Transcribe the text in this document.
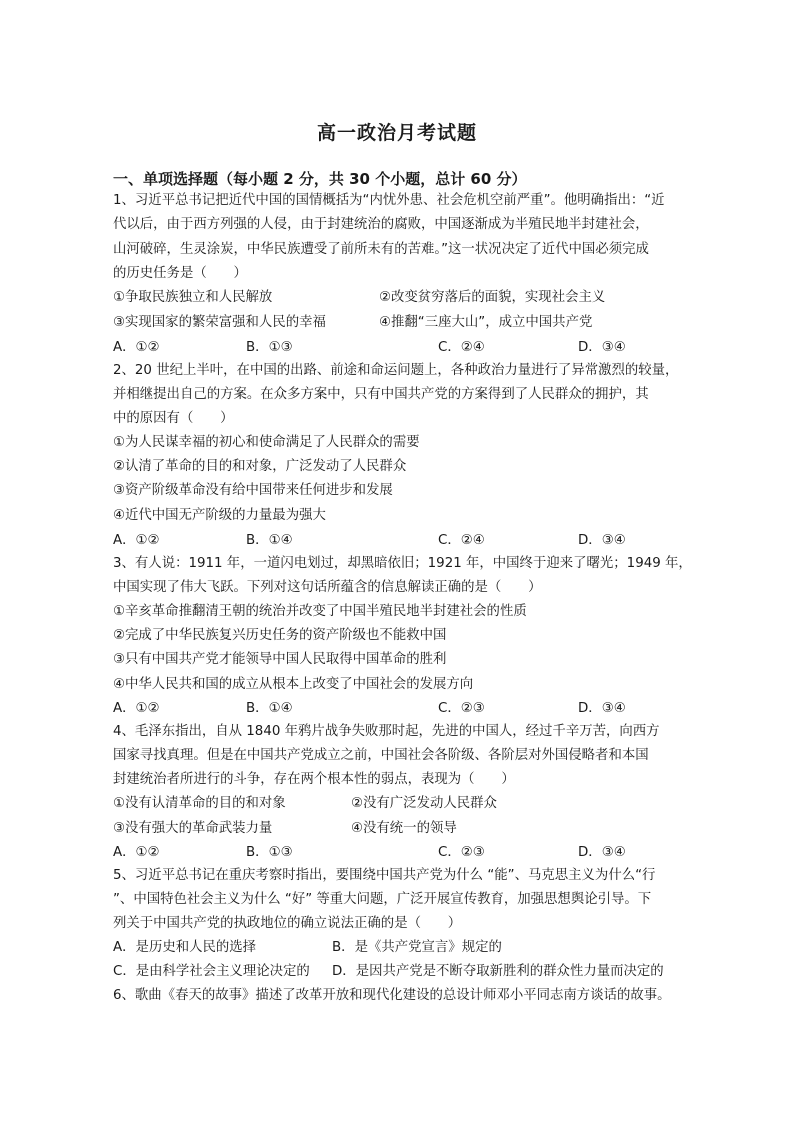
高一政治月考试题
一、单项选择题（每小题 2 分，共 30 个小题，总计 60 分）
1、习近平总书记把近代中国的国情概括为“内忧外患、社会危机空前严重”。他明确指出：“近
代以后，由于西方列强的人侵，由于封建统治的腐败，中国逐渐成为半殖民地半封建社会，
山河破碎，生灵涂炭，中华民族遭受了前所未有的苦难。”这一状况决定了近代中国必须完成
的历史任务是（　　）
①争取民族独立和人民解放	②改变贫穷落后的面貌，实现社会主义
③实现国家的繁荣富强和人民的幸福	④推翻“三座大山”，成立中国共产党
A．①②	B．①③	C．②④	D．③④
2、20 世纪上半叶，在中国的出路、前途和命运问题上，各种政治力量进行了异常激烈的较量，
并相继提出自己的方案。在众多方案中，只有中国共产党的方案得到了人民群众的拥护，其
中的原因有（　　）
①为人民谋幸福的初心和使命满足了人民群众的需要
②认清了革命的目的和对象，广泛发动了人民群众
③资产阶级革命没有给中国带来任何进步和发展
④近代中国无产阶级的力量最为强大
A．①②	B．①④	C．②④	D．③④
3、有人说：1911 年，一道闪电划过，却黑暗依旧；1921 年，中国终于迎来了曙光；1949 年，
中国实现了伟大飞跃。下列对这句话所蕴含的信息解读正确的是（　　）
①辛亥革命推翻清王朝的统治并改变了中国半殖民地半封建社会的性质
②完成了中华民族复兴历史任务的资产阶级也不能救中国
③只有中国共产党才能领导中国人民取得中国革命的胜利
④中华人民共和国的成立从根本上改变了中国社会的发展方向
A．①②	B．①④	C．②③	D．③④
4、毛泽东指出，自从 1840 年鸦片战争失败那时起，先进的中国人，经过千辛万苦，向西方
国家寻找真理。但是在中国共产党成立之前，中国社会各阶级、各阶层对外国侵略者和本国
封建统治者所进行的斗争，存在两个根本性的弱点，表现为（　　）
①没有认清革命的目的和对象	②没有广泛发动人民群众
③没有强大的革命武装力量	④没有统一的领导
A．①②	B．①③	C．②③	D．③④
5、习近平总书记在重庆考察时指出，要围绕中国共产党为什么 “能”、马克思主义为什么“行
”、中国特色社会主义为什么 “好” 等重大问题，广泛开展宣传教育，加强思想舆论引导。下
列关于中国共产党的执政地位的确立说法正确的是（　　）
A．是历史和人民的选择	B．是《共产党宣言》规定的
C．是由科学社会主义理论决定的 D．是因共产党是不断夺取新胜利的群众性力量而决定的
6、歌曲《春天的故事》描述了改革开放和现代化建设的总设计师邓小平同志南方谈话的故事。
